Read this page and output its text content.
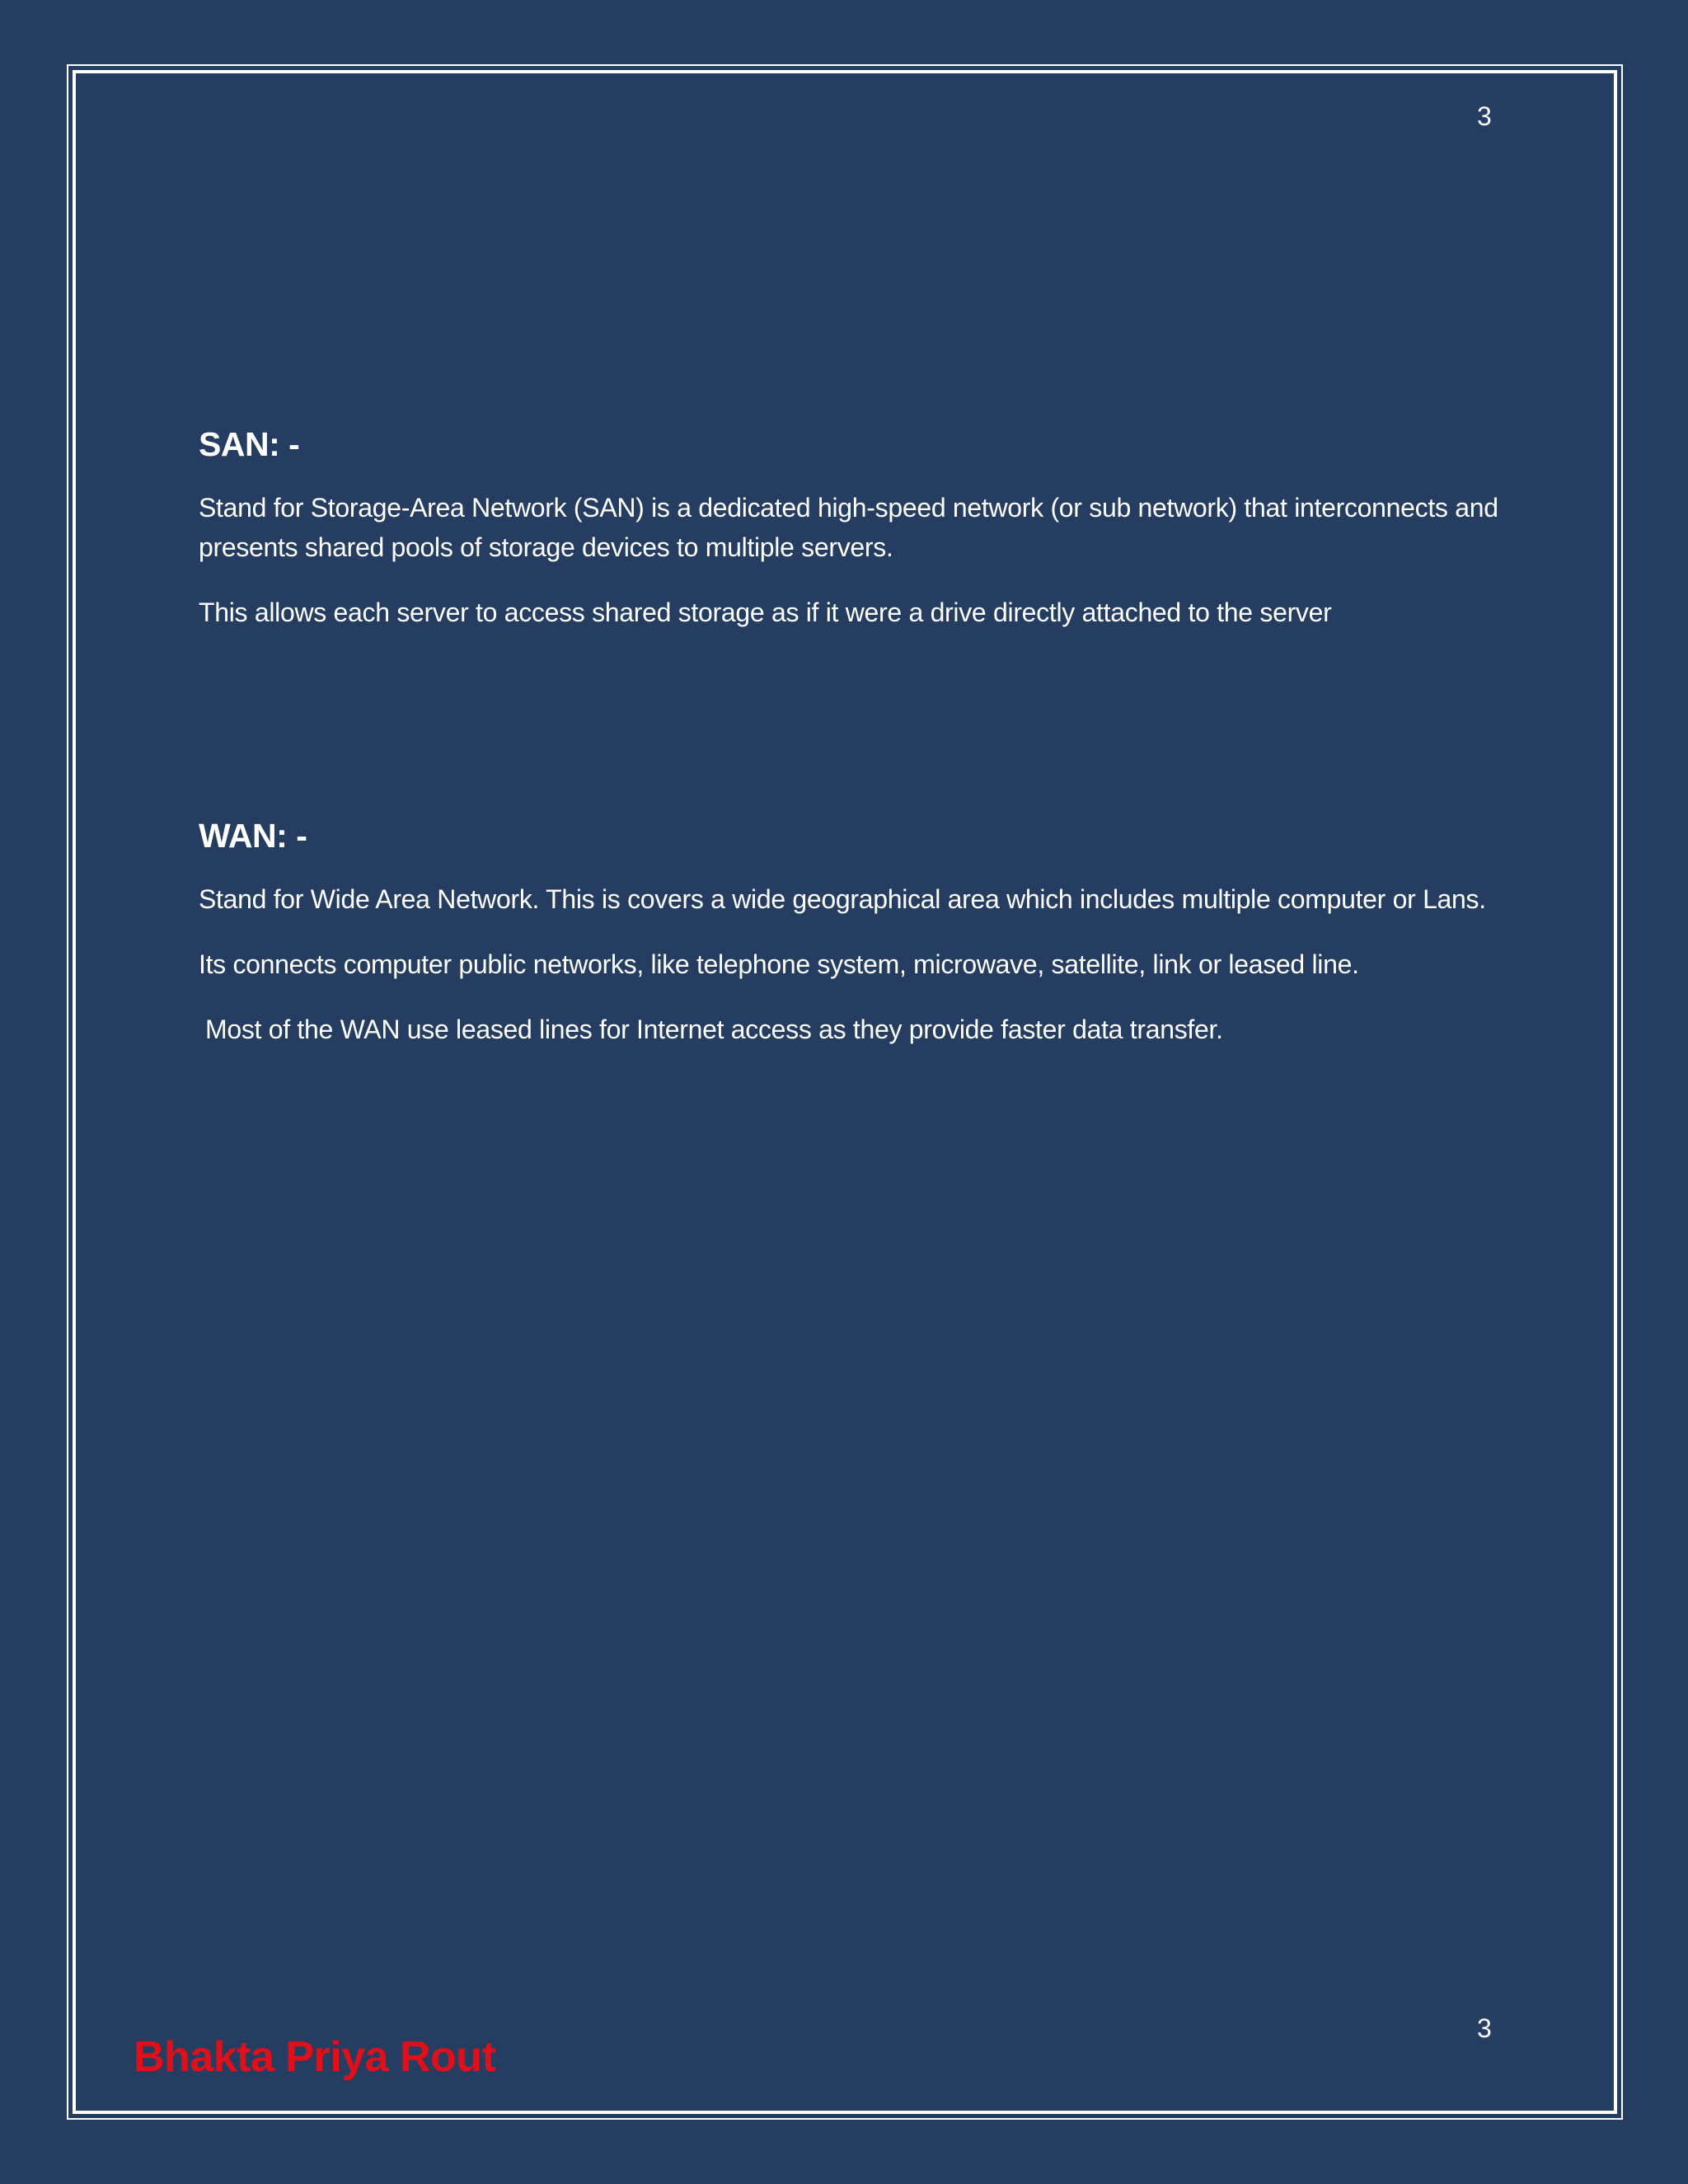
3
SAN: -

Stand for Storage-Area Network (SAN) is a dedicated high-speed network (or sub network) that interconnects and presents shared pools of storage devices to multiple servers.

This allows each server to access shared storage as if it were a drive directly attached to the server

WAN: -

Stand for Wide Area Network. This is covers a wide geographical area which includes multiple computer or Lans.

Its connects computer public networks, like telephone system, microwave, satellite, link or leased line.

Most of the WAN use leased lines for Internet access as they provide faster data transfer.

3
Bhakta Priya Rout
